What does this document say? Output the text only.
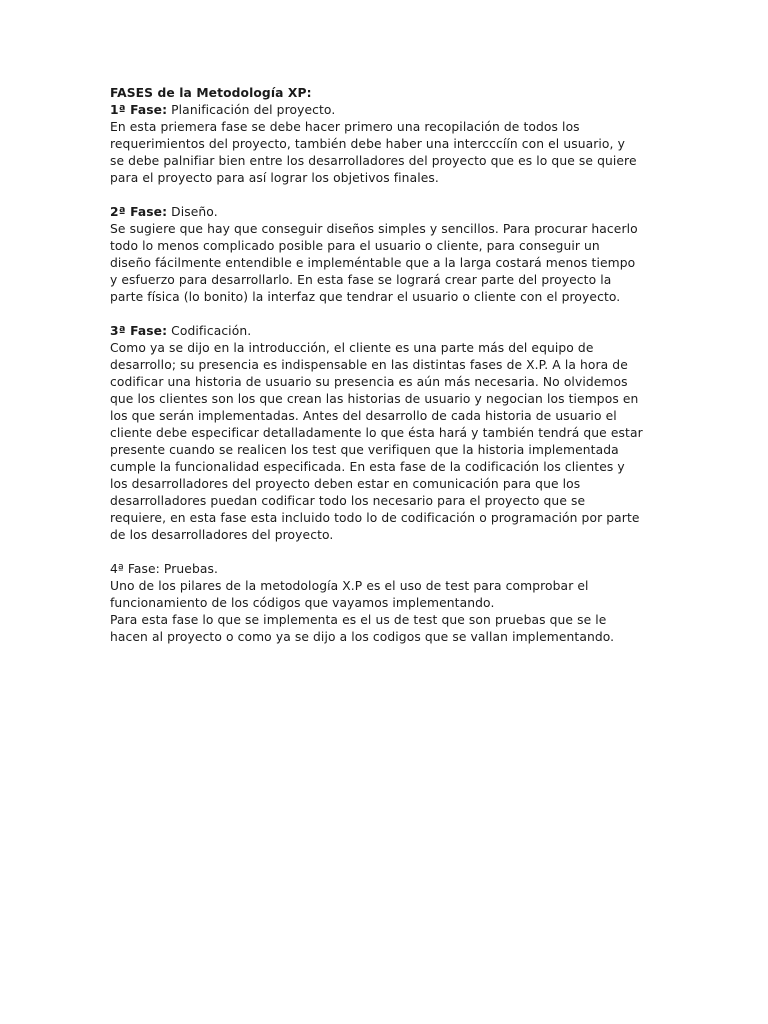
FASES de la Metodología XP:
1ª Fase: Planificación del proyecto.
En esta priemera fase se debe hacer primero una recopilación de todos los
requerimientos del proyecto, también debe haber una intercccíín con el usuario, y
se debe palnifiar bien entre los desarrolladores del proyecto que es lo que se quiere
para el proyecto para así lograr los objetivos finales.
2ª Fase: Diseño.
Se sugiere que hay que conseguir diseños simples y sencillos. Para procurar hacerlo
todo lo menos complicado posible para el usuario o cliente, para conseguir un
diseño fácilmente entendible e impleméntable que a la larga costará menos tiempo
y esfuerzo para desarrollarlo. En esta fase se logrará crear parte del proyecto la
parte física (lo bonito) la interfaz que tendrar el usuario o cliente con el proyecto.
3ª Fase: Codificación.
Como ya se dijo en la introducción, el cliente es una parte más del equipo de
desarrollo; su presencia es indispensable en las distintas fases de X.P. A la hora de
codificar una historia de usuario su presencia es aún más necesaria. No olvidemos
que los clientes son los que crean las historias de usuario y negocian los tiempos en
los que serán implementadas. Antes del desarrollo de cada historia de usuario el
cliente debe especificar detalladamente lo que ésta hará y también tendrá que estar
presente cuando se realicen los test que verifiquen que la historia implementada
cumple la funcionalidad especificada. En esta fase de la codificación los clientes y
los desarrolladores del proyecto deben estar en comunicación para que los
desarrolladores puedan codificar todo los necesario para el proyecto que se
requiere, en esta fase esta incluido todo lo de codificación o programación por parte
de los desarrolladores del proyecto.
4ª Fase: Pruebas.
Uno de los pilares de la metodología X.P es el uso de test para comprobar el
funcionamiento de los códigos que vayamos implementando.
Para esta fase lo que se implementa es el us de test que son pruebas que se le
hacen al proyecto o como ya se dijo a los codigos que se vallan implementando.
